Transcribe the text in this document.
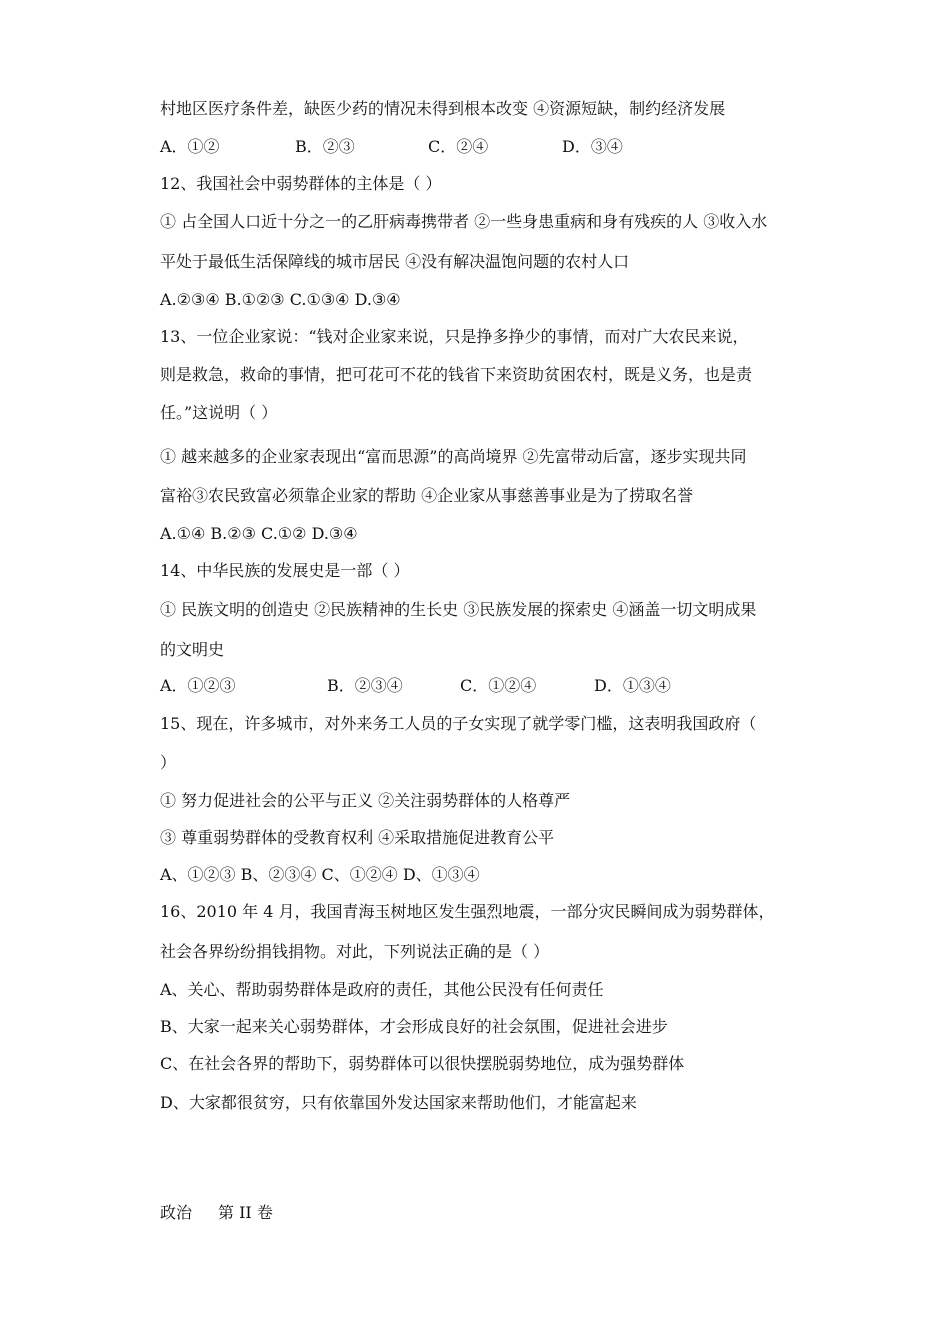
村地区医疗条件差，缺医少药的情况未得到根本改变 ④资源短缺，制约经济发展
A．①②	B．②③	C．②④	D．③④
12、我国社会中弱势群体的主体是（ ）
① 占全国人口近十分之一的乙肝病毒携带者 ②一些身患重病和身有残疾的人 ③收入水
平处于最低生活保障线的城市居民 ④没有解决温饱问题的农村人口
A.②③④ B.①②③ C.①③④ D.③④
13、一位企业家说：“钱对企业家来说，只是挣多挣少的事情，而对广大农民来说，
则是救急，救命的事情，把可花可不花的钱省下来资助贫困农村，既是义务，也是责
任。”这说明（ ）
① 越来越多的企业家表现出“富而思源”的高尚境界 ②先富带动后富，逐步实现共同
富裕③农民致富必须靠企业家的帮助 ④企业家从事慈善事业是为了捞取名誉
A.①④ B.②③ C.①② D.③④
14、中华民族的发展史是一部（ ）
① 民族文明的创造史 ②民族精神的生长史 ③民族发展的探索史 ④涵盖一切文明成果
的文明史
A．①②③	B．②③④	C．①②④	D．①③④
15、现在，许多城市，对外来务工人员的子女实现了就学零门槛，这表明我国政府（
）
① 努力促进社会的公平与正义 ②关注弱势群体的人格尊严
③ 尊重弱势群体的受教育权利 ④采取措施促进教育公平
A、①②③ B、②③④ C、①②④ D、①③④
16、2010 年 4 月，我国青海玉树地区发生强烈地震，一部分灾民瞬间成为弱势群体，
社会各界纷纷捐钱捐物。对此，下列说法正确的是（ ）
A、关心、帮助弱势群体是政府的责任，其他公民没有任何责任
B、大家一起来关心弱势群体，才会形成良好的社会氛围，促进社会进步
C、在社会各界的帮助下，弱势群体可以很快摆脱弱势地位，成为强势群体
D、大家都很贫穷，只有依靠国外发达国家来帮助他们，才能富起来
政治 第 II 卷
